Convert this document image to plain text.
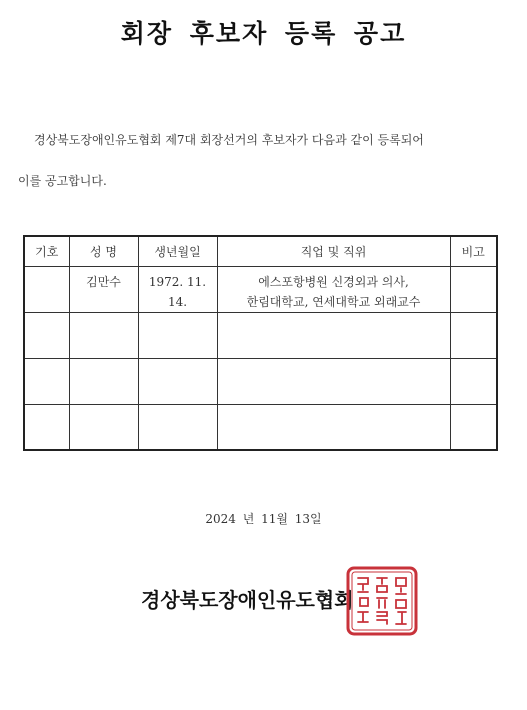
회장 후보자 등록 공고
경상북도장애인유도협회 제7대 회장선거의 후보자가 다음과 같이 등록되어
이를 공고합니다.
기호	성 명	생년월일	직업 및 직위	비고
	김만수	1972. 11. 14.	에스포항병원 신경외과 의사,
한림대학교, 연세대학교 외래교수	

2024 년 11월 13일
경상북도장애인유도협회
